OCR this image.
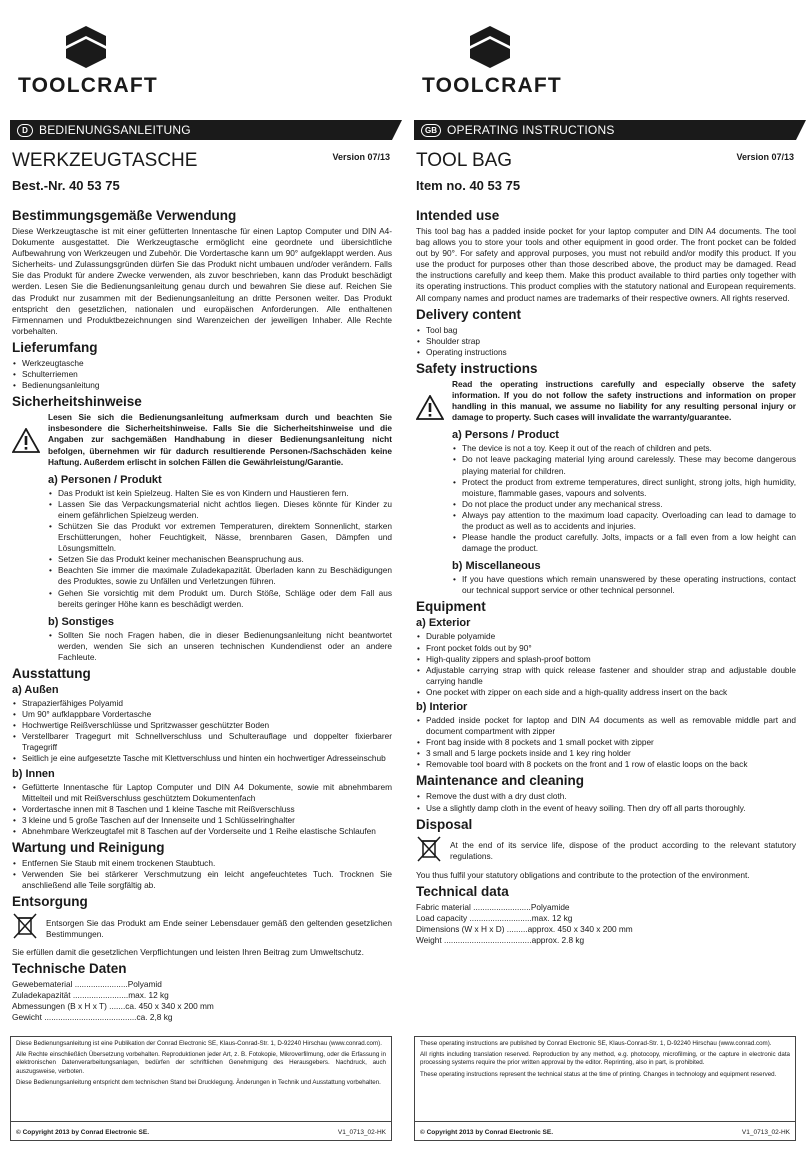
TOOLCRAFT
D BEDIENUNGSANLEITUNG
WERKZEUGTASCHE	Version 07/13
Best.-Nr. 40 53 75
Bestimmungsgemäße Verwendung

Diese Werkzeugtasche ist mit einer gefütterten Innentasche für einen Laptop Computer und DIN A4-Dokumente ausgestattet. Die Werkzeugtasche ermöglicht eine geordnete und übersichtliche Aufbewahrung von Werkzeugen und Zubehör. Die Vordertasche kann um 90° aufgeklappt werden. Aus Sicherheits- und Zulassungsgründen dürfen Sie das Produkt nicht umbauen und/oder verändern. Falls Sie das Produkt für andere Zwecke verwenden, als zuvor beschrieben, kann das Produkt beschädigt werden. Lesen Sie die Bedienungsanleitung genau durch und bewahren Sie diese auf. Reichen Sie das Produkt nur zusammen mit der Bedienungsanleitung an dritte Personen weiter. Das Produkt entspricht den gesetzlichen, nationalen und europäischen Anforderungen. Alle enthaltenen Firmennamen und Produktbezeichnungen sind Warenzeichen der jeweiligen Inhaber. Alle Rechte vorbehalten.

Lieferumfang
• Werkzeugtasche
• Schulterriemen
• Bedienungsanleitung
Sicherheitshinweise

Lesen Sie sich die Bedienungsanleitung aufmerksam durch und beachten Sie insbesondere die Sicherheitshinweise. Falls Sie die Sicherheitshinweise und die Angaben zur sachgemäßen Handhabung in dieser Bedienungsanleitung nicht befolgen, übernehmen wir für dadurch resultierende Personen-/Sachschäden keine Haftung. Außerdem erlischt in solchen Fällen die Gewährleistung/Garantie.

a) Personen / Produkt
• Das Produkt ist kein Spielzeug. Halten Sie es von Kindern und Haustieren fern.
• Lassen Sie das Verpackungsmaterial nicht achtlos liegen. Dieses könnte für Kinder zu einem gefährlichen Spielzeug werden.
• Schützen Sie das Produkt vor extremen Temperaturen, direktem Sonnenlicht, starken Erschütterungen, hoher Feuchtigkeit, Nässe, brennbaren Gasen, Dämpfen und Lösungsmitteln.
• Setzen Sie das Produkt keiner mechanischen Beanspruchung aus.
• Beachten Sie immer die maximale Zuladekapazität. Überladen kann zu Beschädigungen des Produktes, sowie zu Unfällen und Verletzungen führen.
• Gehen Sie vorsichtig mit dem Produkt um. Durch Stöße, Schläge oder dem Fall aus bereits geringer Höhe kann es beschädigt werden.
b) Sonstiges
• Sollten Sie noch Fragen haben, die in dieser Bedienungsanleitung nicht beantwortet werden, wenden Sie sich an unseren technischen Kundendienst oder an andere Fachleute.
Ausstattung
a) Außen
• Strapazierfähiges Polyamid
• Um 90° aufklappbare Vordertasche
• Hochwertige Reißverschlüsse und Spritzwasser geschützter Boden
• Verstellbarer Tragegurt mit Schnellverschluss und Schulterauflage und doppelter fixierbarer Tragegriff
• Seitlich je eine aufgesetzte Tasche mit Klettverschluss und hinten ein hochwertiger Adresseinschub
b) Innen
• Gefütterte Innentasche für Laptop Computer und DIN A4 Dokumente, sowie mit abnehmbarem Mittelteil und mit Reißverschluss geschütztem Dokumentenfach
• Vordertasche innen mit 8 Taschen und 1 kleine Tasche mit Reißverschluss
• 3 kleine und 5 große Taschen auf der Innenseite und 1 Schlüsselringhalter
• Abnehmbare Werkzeugtafel mit 8 Taschen auf der Vorderseite und 1 Reihe elastische Schlaufen
Wartung und Reinigung
• Entfernen Sie Staub mit einem trockenen Staubtuch.
• Verwenden Sie bei stärkerer Verschmutzung ein leicht angefeuchtetes Tuch. Trocknen Sie anschließend alle Teile sorgfältig ab.
Entsorgung

Entsorgen Sie das Produkt am Ende seiner Lebensdauer gemäß den geltenden gesetzlichen Bestimmungen.

Sie erfüllen damit die gesetzlichen Verpflichtungen und leisten Ihren Beitrag zum Umweltschutz.

Technische Daten
Gewebematerial .......................Polyamid
Zuladekapazität ........................max. 12 kg
Abmessungen (B x H x T) .......ca. 450 x 340 x 200 mm
Gewicht ........................................ca. 2,8 kg

Diese Bedienungsanleitung ist eine Publikation der Conrad Electronic SE, Klaus-Conrad-Str. 1, D-92240 Hirschau (www.conrad.com).

Alle Rechte einschließlich Übersetzung vorbehalten. Reproduktionen jeder Art, z. B. Fotokopie, Mikroverfilmung, oder die Erfassung in elektronischen Datenverarbeitungsanlagen, bedürfen der schriftlichen Genehmigung des Herausgebers. Nachdruck, auch auszugsweise, verboten.

Diese Bedienungsanleitung entspricht dem technischen Stand bei Drucklegung. Änderungen in Technik und Ausstattung vorbehalten.

© Copyright 2013 by Conrad Electronic SE.	V1_0713_02-HK
TOOLCRAFT
GB OPERATING INSTRUCTIONS
TOOL BAG	Version 07/13
Item no. 40 53 75
Intended use

This tool bag has a padded inside pocket for your laptop computer and DIN A4 documents. The tool bag allows you to store your tools and other equipment in good order. The front pocket can be folded out by 90°. For safety and approval purposes, you must not rebuild and/or modify this product. If you use the product for purposes other than those described above, the product may be damaged. Read the instructions carefully and keep them. Make this product available to third parties only together with its operating instructions. This product complies with the statutory national and European requirements. All company names and product names are trademarks of their respective owners. All rights reserved.

Delivery content
• Tool bag
• Shoulder strap
• Operating instructions
Safety instructions

Read the operating instructions carefully and especially observe the safety information. If you do not follow the safety instructions and information on proper handling in this manual, we assume no liability for any resulting personal injury or damage to property. Such cases will invalidate the warranty/guarantee.

a) Persons / Product
• The device is not a toy. Keep it out of the reach of children and pets.
• Do not leave packaging material lying around carelessly. These may become dangerous playing material for children.
• Protect the product from extreme temperatures, direct sunlight, strong jolts, high humidity, moisture, flammable gases, vapours and solvents.
• Do not place the product under any mechanical stress.
• Always pay attention to the maximum load capacity. Overloading can lead to damage to the product as well as to accidents and injuries.
• Please handle the product carefully. Jolts, impacts or a fall even from a low height can damage the product.
b) Miscellaneous
• If you have questions which remain unanswered by these operating instructions, contact our technical support service or other technical personnel.
Equipment
a) Exterior
• Durable polyamide
• Front pocket folds out by 90°
• High-quality zippers and splash-proof bottom
• Adjustable carrying strap with quick release fastener and shoulder strap and adjustable double carrying handle
• One pocket with zipper on each side and a high-quality address insert on the back
b) Interior
• Padded inside pocket for laptop and DIN A4 documents as well as removable middle part and document compartment with zipper
• Front bag inside with 8 pockets and 1 small pocket with zipper
• 3 small and 5 large pockets inside and 1 key ring holder
• Removable tool board with 8 pockets on the front and 1 row of elastic loops on the back
Maintenance and cleaning
• Remove the dust with a dry dust cloth.
• Use a slightly damp cloth in the event of heavy soiling. Then dry off all parts thoroughly.
Disposal

At the end of its service life, dispose of the product according to the relevant statutory regulations.

You thus fulfil your statutory obligations and contribute to the protection of the environment.

Technical data
Fabric material .........................Polyamide
Load capacity ...........................max. 12 kg
Dimensions (W x H x D) .........approx. 450 x 340 x 200 mm
Weight ......................................approx. 2.8 kg

These operating instructions are published by Conrad Electronic SE, Klaus-Conrad-Str. 1, D-92240 Hirschau (www.conrad.com).

All rights including translation reserved. Reproduction by any method, e.g. photocopy, microfilming, or the capture in electronic data processing systems require the prior written approval by the editor. Reprinting, also in part, is prohibited.

These operating instructions represent the technical status at the time of printing. Changes in technology and equipment reserved.

© Copyright 2013 by Conrad Electronic SE.	V1_0713_02-HK
